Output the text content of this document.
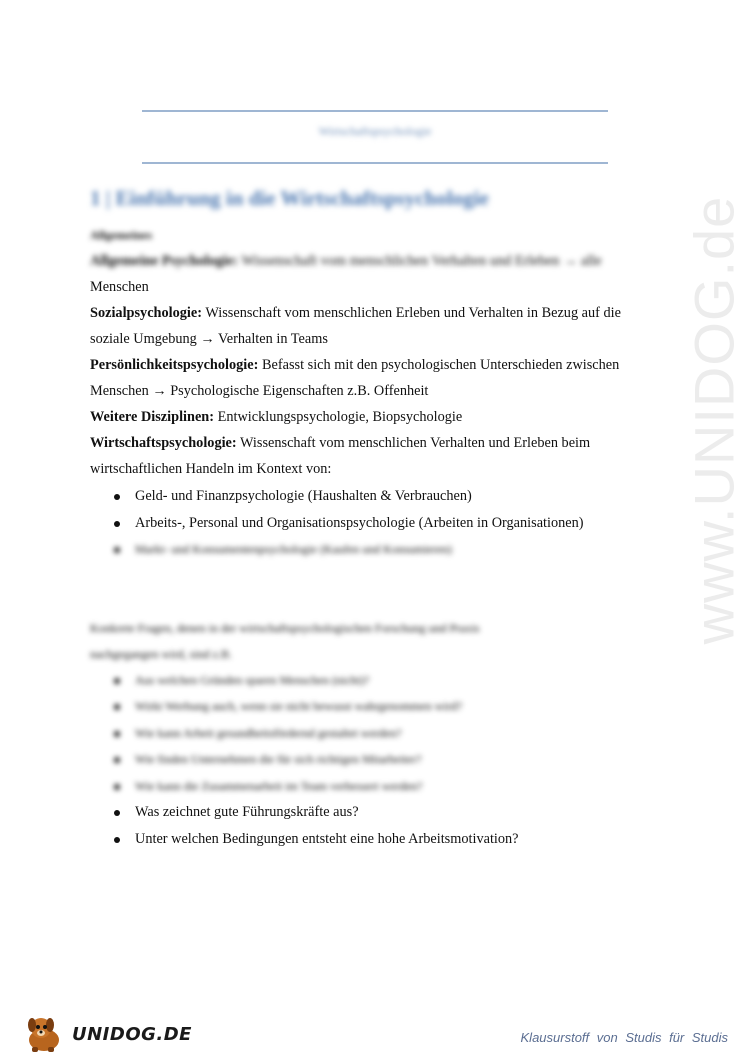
www.UNIDOG.de
Wirtschaftspsychologie
1 | Einführung in die Wirtschaftspsychologie
Allgemeines
Allgemeine Psychologie: Wissenschaft vom menschlichen Verhalten und Erleben → alle
Menschen
Sozialpsychologie: Wissenschaft vom menschlichen Erleben und Verhalten in Bezug auf die
soziale Umgebung → Verhalten in Teams
Persönlichkeitspsychologie: Befasst sich mit den psychologischen Unterschieden zwischen
Menschen → Psychologische Eigenschaften z.B. Offenheit
Weitere Disziplinen: Entwicklungspsychologie, Biopsychologie
Wirtschaftspsychologie: Wissenschaft vom menschlichen Verhalten und Erleben beim
wirtschaftlichen Handeln im Kontext von:
Geld- und Finanzpsychologie (Haushalten & Verbrauchen)
Arbeits-, Personal und Organisationspsychologie (Arbeiten in Organisationen)
Markt- und Konsumentenpsychologie (Kaufen und Konsumieren)
Konkrete Fragen, denen in der wirtschaftspsychologischen Forschung und Praxis
nachgegangen wird, sind z.B.
Aus welchen Gründen sparen Menschen (nicht)?
Wirkt Werbung auch, wenn sie nicht bewusst wahrgenommen wird?
Wie kann Arbeit gesundheitsfördernd gestaltet werden?
Wie finden Unternehmen die für sich richtigen Mitarbeiter?
Wie kann die Zusammenarbeit im Team verbessert werden?
Was zeichnet gute Führungskräfte aus?
Unter welchen Bedingungen entsteht eine hohe Arbeitsmotivation?
UNIDOG.DE	Klausurstoff von Studis für Studis
